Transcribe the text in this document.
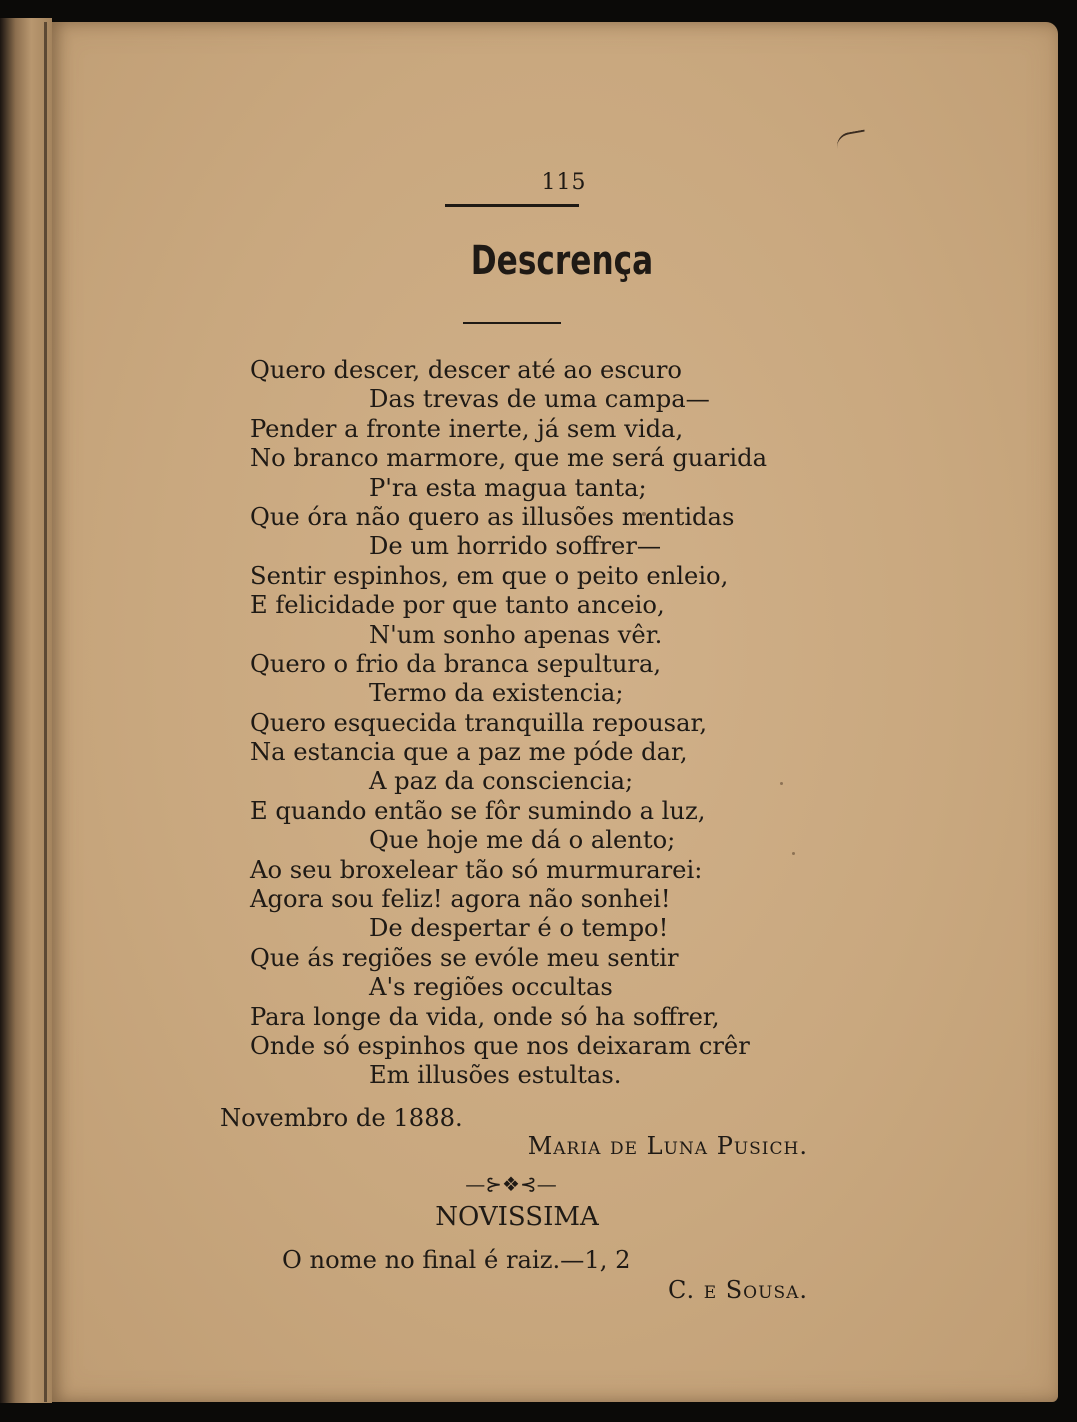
115
Descrença
Quero descer, descer até ao escuro
Das trevas de uma campa—
Pender a fronte inerte, já sem vida,
No branco marmore, que me será guarida
P'ra esta magua tanta;
Que óra não quero as illusões mentidas
De um horrido soffrer—
Sentir espinhos, em que o peito enleio,
E felicidade por que tanto anceio,
N'um sonho apenas vêr.
Quero o frio da branca sepultura,
Termo da existencia;
Quero esquecida tranquilla repousar,
Na estancia que a paz me póde dar,
A paz da consciencia;
E quando então se fôr sumindo a luz,
Que hoje me dá o alento;
Ao seu broxelear tão só murmurarei:
Agora sou feliz! agora não sonhei!
De despertar é o tempo!
Que ás regiões se evóle meu sentir
A's regiões occultas
Para longe da vida, onde só ha soffrer,
Onde só espinhos que nos deixaram crêr
Em illusões estultas.
Novembro de 1888.
Maria de Luna Pusich.
—⊱❖⊰—
NOVISSIMA
O nome no final é raiz.—1, 2
C. e Sousa.
